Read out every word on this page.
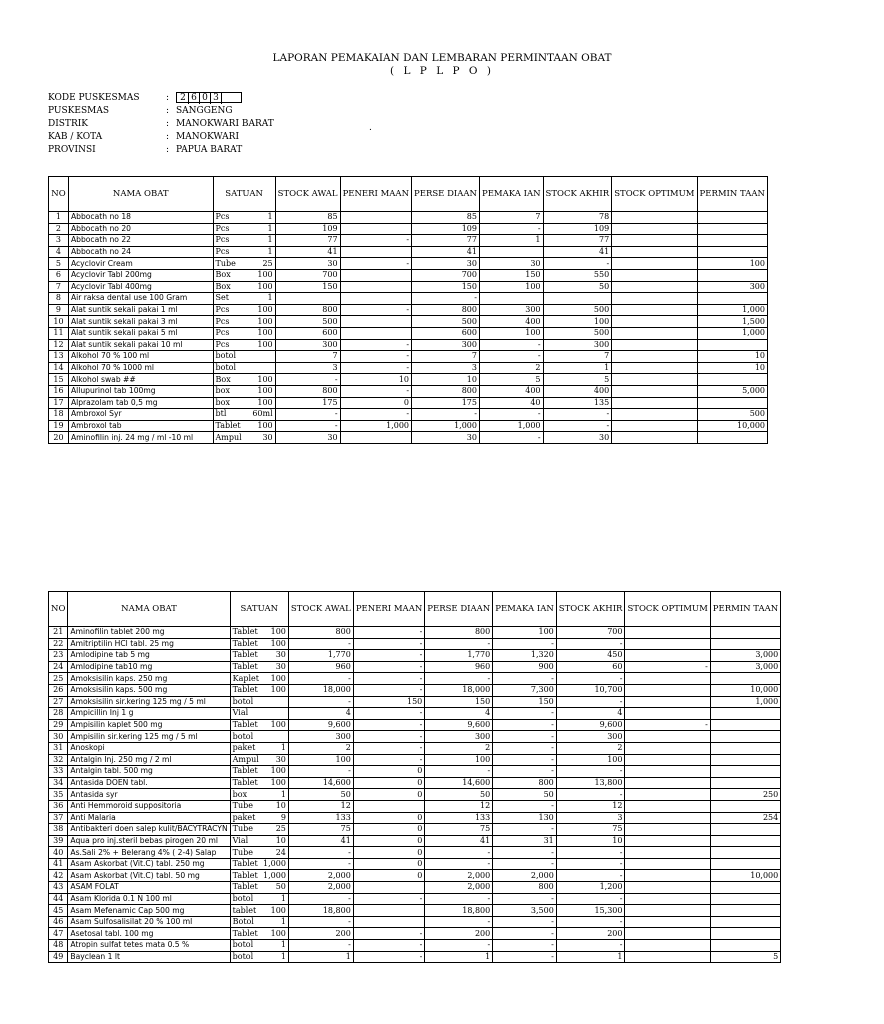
LAPORAN PEMAKAIAN DAN LEMBARAN PERMINTAAN OBAT
( L P L P O )
KODE PUSKESMAS	:	2 6 0 3
PUSKESMAS	: SANGGENG
DISTRIK	: MANOKWARI BARAT
KAB / KOTA	: MANOKWARI
PROVINSI	: PAPUA BARAT
.
NO	NAMA OBAT	SATUAN		STOCK AWAL	PENERI MAAN	PERSE DIAAN	PEMAKA IAN	STOCK AKHIR	STOCK OPTIMUM	PERMIN TAAN
1	Abbocath no 18	Pcs	1	85		85	7	78		
2	Abbocath no 20	Pcs	1	109		109	-	109		
3	Abbocath no 22	Pcs	1	77	-	77	1	77		
4	Abbocath no 24	Pcs	1	41		41		41		
5	Acyclovir Cream	Tube	25	30	-	30	30	-		100
6	Acyclovir Tabl 200mg	Box	100	700		700	150	550		
7	Acyclovir Tabl 400mg	Box	100	150		150	100	50		300
8	Air raksa dental use 100 Gram	Set	1			-				
9	Alat suntik sekali pakai 1 ml	Pcs	100	800	-	800	300	500		1,000
10	Alat suntik sekali pakai 3 ml	Pcs	100	500		500	400	100		1,500
11	Alat suntik sekali pakai 5 ml	Pcs	100	600		600	100	500		1,000
12	Alat suntik sekali pakai 10 ml	Pcs	100	300	-	300	-	300		
13	Alkohol 70 % 100 ml	botol		7	-	7	-	7		10
14	Alkohol 70 % 1000 ml	botol		3	-	3	2	1		10
15	Alkohol swab ##	Box	100	-	10	10	5	5		
16	Allupurinol tab 100mg	box	100	800	-	800	400	400		5,000
17	Alprazolam tab 0,5 mg	box	100	175	0	175	40	135		
18	Ambroxol Syr	btl	60ml	-	-	-	-	-		500
19	Ambroxol tab	Tablet	100	-	1,000	1,000	1,000	-		10,000
20	Aminofilin inj. 24 mg / ml -10 ml	Ampul	30	30		30	-	30		
NO	NAMA OBAT	SATUAN		STOCK AWAL	PENERI MAAN	PERSE DIAAN	PEMAKA IAN	STOCK AKHIR	STOCK OPTIMUM	PERMIN TAAN
21	Aminofilin tablet 200 mg	Tablet	100	800	-	800	100	700		
22	Amitriptilin HCl tabl. 25 mg	Tablet	100	-	-	-	-	-		
23	Amlodipine tab 5 mg	Tablet	30	1,770	-	1,770	1,320	450		3,000
24	Amlodipine tab10 mg	Tablet	30	960	-	960	900	60	-	3,000
25	Amoksisilin kaps. 250 mg	Kaplet	100	-	-	-	-	-		
26	Amoksisilin kaps. 500 mg	Tablet	100	18,000	-	18,000	7,300	10,700		10,000
27	Amoksisilin sir.kering 125 mg / 5 ml	botol		-	150	150	150	-		1,000
28	Ampicillin Inj 1 g	Vial		4	-	4	-	4		
29	Ampisilin kaplet 500 mg	Tablet	100	9,600	-	9,600	-	9,600	-	
30	Ampisilin sir.kering 125 mg / 5 ml	botol		300	-	300	-	300		
31	Anoskopi	paket	1	2	-	2	-	2		
32	Antalgin Inj. 250 mg / 2 ml	Ampul	30	100	-	100	-	100		
33	Antalgin tabl. 500 mg	Tablet	100	-	0	-	-	-		
34	Antasida DOEN tabl.	Tablet	100	14,600	0	14,600	800	13,800		
35	Antasida syr	box	1	50	0	50	50	-		250
36	Anti Hemmoroid suppositoria	Tube	10	12		12	-	12		
37	Anti Malaria	paket	9	133	0	133	130	3		254
38	Antibakteri doen salep kulit/BACYTRACYN	Tube	25	75	0	75	-	75		
39	Aqua pro inj.steril bebas pirogen 20 ml	Vial	10	41	0	41	31	10		
40	As.Sali 2% + Belerang 4% ( 2-4) Salap	Tube	24	-	0	-	-	-		
41	Asam Askorbat (Vit.C) tabl. 250 mg	Tablet	1,000	-	0	-	-	-		
42	Asam Askorbat (Vit.C) tabl. 50 mg	Tablet	1,000	2,000	0	2,000	2,000	-		10,000
43	ASAM FOLAT	Tablet	50	2,000		2,000	800	1,200		
44	Asam Klorida 0.1 N 100 ml	botol	1	-	-	-	-	-		
45	Asam Mefenamic Cap 500 mg	tablet	100	18,800		18,800	3,500	15,300		
46	Asam Sulfosalisilat 20 % 100 ml	Botol	1	-		-	-	-		
47	Asetosal tabl. 100 mg	Tablet	100	200	-	200	-	200		
48	Atropin sulfat tetes mata 0.5 %	botol	1	-	-	-	-	-		
49	Bayclean 1 lt	botol	1	1	-	1	-	1		5
